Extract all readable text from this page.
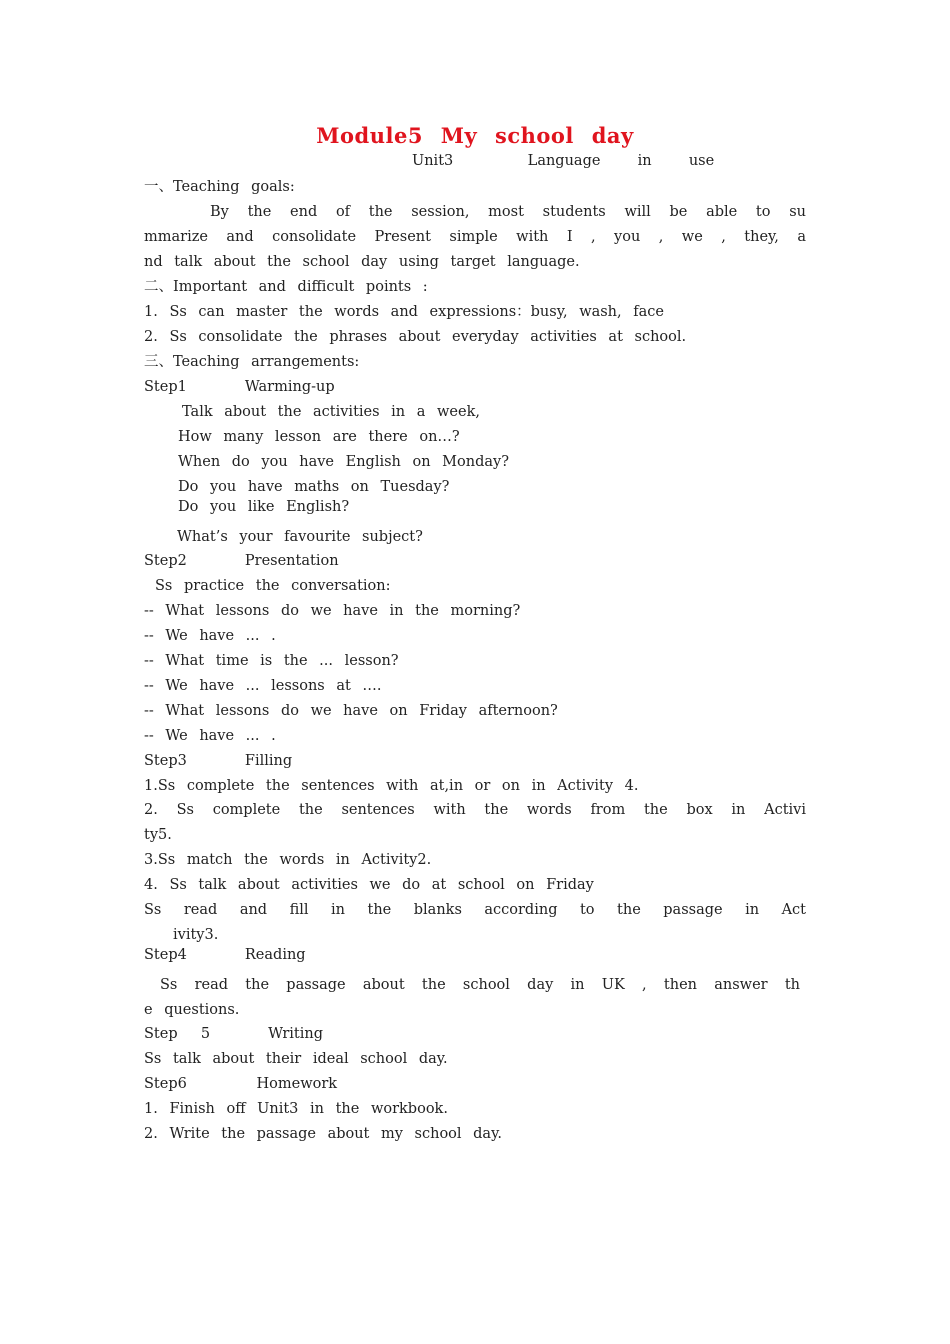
Module5 My school day
Unit3    Language  in  use
一、Teaching goals:
By the end of the session, most students will be able to su
mmarize and consolidate Present simple with I , you , we , they, a
nd talk about the school day using target language.
二、Important and difficult points :
1. Ss can master the words and expressions：busy, wash, face
2. Ss consolidate the phrases about everyday activities at school.
三、Teaching arrangements:
Step1     Warming-up
Talk about the activities in a week,
How many lesson are there on…?
When do you have English on Monday?
Do you have maths on Tuesday?
Do you like English?
What’s your favourite subject?
Step2     Presentation
Ss practice the conversation:
-- What lessons do we have in the morning?
-- We have ... .
-- What time is the ... lesson?
-- We have ... lessons at ….
-- What lessons do we have on Friday afternoon?
-- We have ... .
Step3     Filling
1.Ss complete the sentences with at,in or on in Activity 4.
2. Ss complete the sentences with the words from the box in Activi
ty5.
3.Ss match the words in Activity2.
4. Ss talk about activities we do at school on Friday
Ss read and fill in the blanks according to the passage in Act
ivity3.
Step4     Reading
Ss read the passage about the school day in UK , then answer th
e questions.
Step  5     Writing
Ss talk about their ideal school day.
Step6      Homework
1. Finish off Unit3 in the workbook.
2. Write the passage about my school day.
